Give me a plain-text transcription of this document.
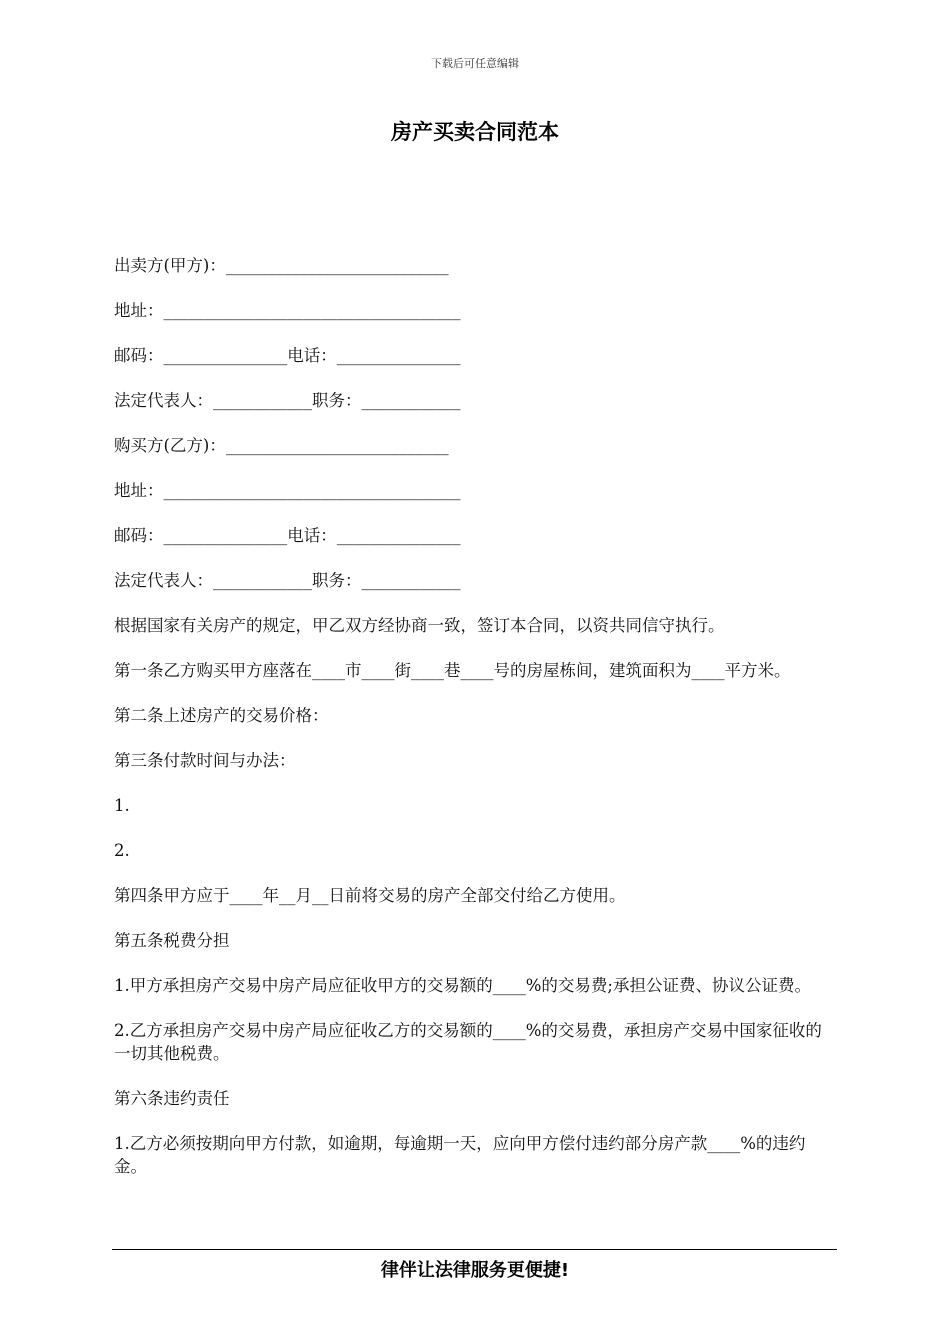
下载后可任意编辑
房产买卖合同范本

出卖方(甲方)：___________________________

地址：____________________________________

邮码：_______________电话：_______________

法定代表人：____________职务：____________

购买方(乙方)：___________________________

地址：____________________________________

邮码：_______________电话：_______________

法定代表人：____________职务：____________

根据国家有关房产的规定，甲乙双方经协商一致，签订本合同，以资共同信守执行。

第一条乙方购买甲方座落在____市____街____巷____号的房屋栋间，建筑面积为____平方米。

第二条上述房产的交易价格：

第三条付款时间与办法：

1.

2.

第四条甲方应于____年__月__日前将交易的房产全部交付给乙方使用。

第五条税费分担

1.甲方承担房产交易中房产局应征收甲方的交易额的____%的交易费;承担公证费、协议公证费。

2.乙方承担房产交易中房产局应征收乙方的交易额的____%的交易费，承担房产交易中国家征收的一切其他税费。

第六条违约责任

1.乙方必须按期向甲方付款，如逾期，每逾期一天，应向甲方偿付违约部分房产款____%的违约金。

律伴让法律服务更便捷!
